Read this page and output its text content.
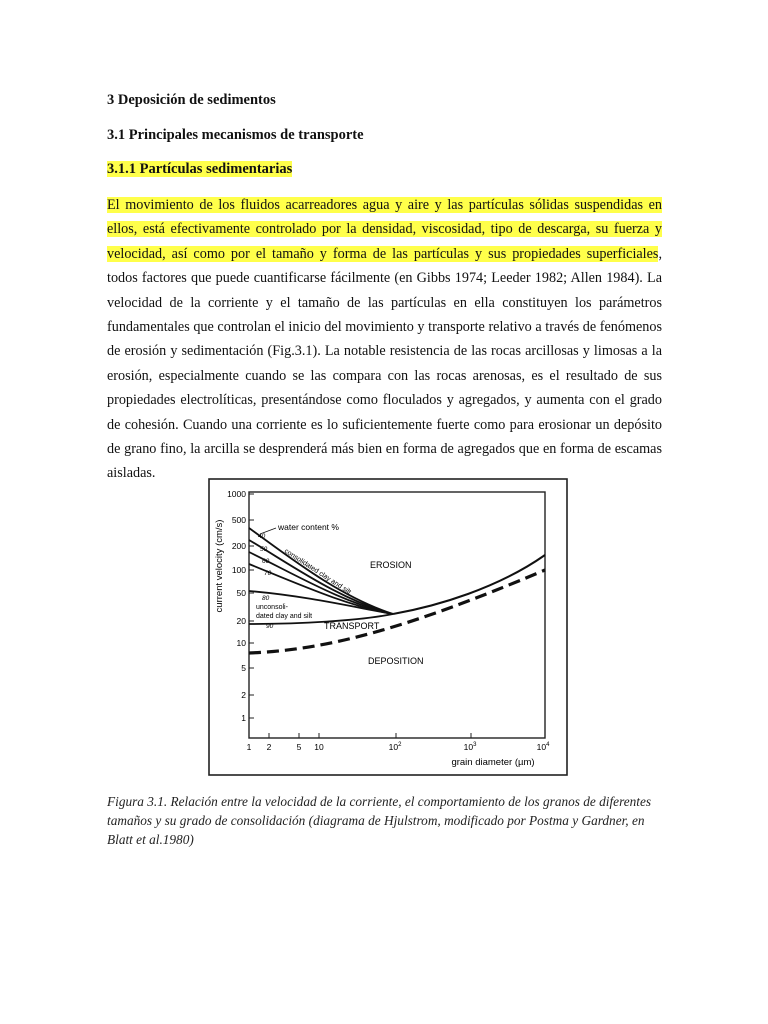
3 Deposición de sedimentos
3.1 Principales mecanismos de transporte
3.1.1 Partículas sedimentarias

El movimiento de los fluidos acarreadores agua y aire y las partículas sólidas suspendidas en ellos, está efectivamente controlado por la densidad, viscosidad, tipo de descarga, su fuerza y velocidad, así como por el tamaño y forma de las partículas y sus propiedades superficiales, todos factores que puede cuantificarse fácilmente (en Gibbs 1974; Leeder 1982; Allen 1984). La velocidad de la corriente y el tamaño de las partículas en ella constituyen los parámetros fundamentales que controlan el inicio del movimiento y transporte relativo a través de fenómenos de erosión y sedimentación (Fig.3.1). La notable resistencia de las rocas arcillosas y limosas a la erosión, especialmente cuando se las compara con las rocas arenosas, es el resultado de sus propiedades electrolíticas, presentándose como floculados y agregados, y aumenta con el grado de cohesión. Cuando una corriente es lo suficientemente fuerte como para erosionar un depósito de grano fino, la arcilla se desprenderá más bien en forma de agregados que en forma de escamas aisladas.

current velocity (cm/s)
1000
500
200
100
50
20
10
5
2
1
1 2	5 10	$10^2$	$10^3$	$10^4$
grain diameter (µm)
40
50
60
70
80
90
water content %
consolidated clay and silt
unconsoli-
dated clay and silt
EROSION
TRANSPORT
DEPOSITION

Figura 3.1. Relación entre la velocidad de la corriente, el comportamiento de los granos de diferentes tamaños y su grado de consolidación (diagrama de Hjulstrom, modificado por Postma y Gardner, en Blatt et al.1980)
